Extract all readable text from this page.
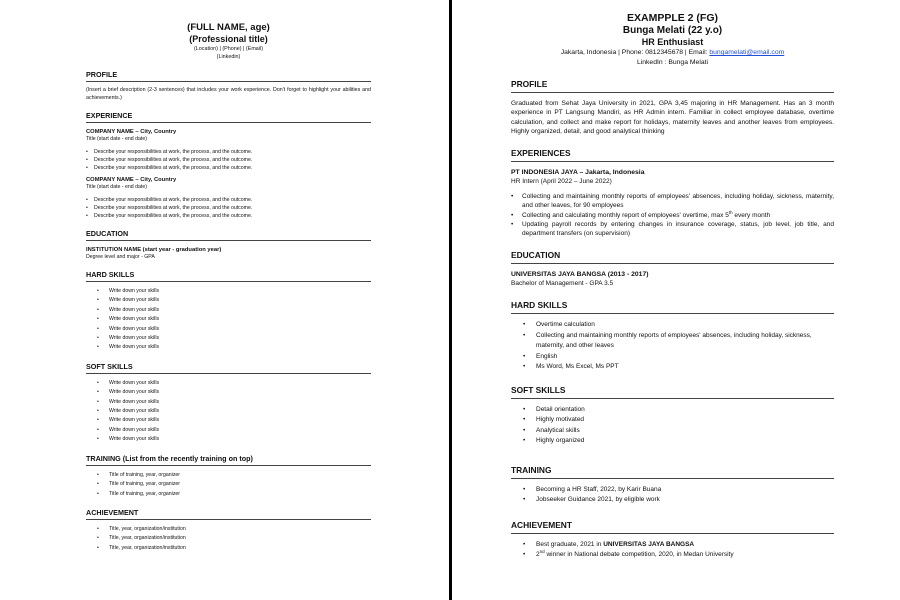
(FULL NAME, age)
(Professional title)
(Location) | (Phone) | (Email)
(Linkedin)
PROFILE
(Insert a brief description (2-3 sentences) that includes your work experience. Don't forget to highlight your abilities and achievements.)
EXPERIENCE
COMPANY NAME – City, Country
Title (start date - end date)
• Describe your responsibilities at work, the process, and the outcome.
• Describe your responsibilities at work, the process, and the outcome.
• Describe your responsibilities at work, the process, and the outcome.
COMPANY NAME – City, Country
Title (start date - end date)
• Describe your responsibilities at work, the process, and the outcome.
• Describe your responsibilities at work, the process, and the outcome.
• Describe your responsibilities at work, the process, and the outcome.
EDUCATION
INSTITUTION NAME (start year - graduation year)
Degree level and major - GPA
HARD SKILLS
• Write down your skills
• Write down your skills
• Write down your skills
• Write down your skills
• Write down your skills
• Write down your skills
• Write down your skills
SOFT SKILLS
• Write down your skills
• Write down your skills
• Write down your skills
• Write down your skills
• Write down your skills
• Write down your skills
• Write down your skills
TRAINING (List from the recently training on top)
• Title of training, year, organizer
• Title of training, year, organizer
• Title of training, year, organizer
ACHIEVEMENT
• Title, year, organization/institution
• Title, year, organization/institution
• Title, year, organization/institution
EXAMPPLE 2 (FG)
Bunga Melati (22 y.o)
HR Enthusiast
Jakarta, Indonesia | Phone: 0812345678 | Email: bungamelati@email.com
LinkedIn : Bunga Melati
PROFILE
Graduated from Sehat Jaya University in 2021, GPA 3,45 majoring in HR Management. Has an 3 month experience in PT Langsung Mandiri, as HR Admin intern. Familiar in collect employee database, overtime calculation, and collect and make report for holidays, maternity leaves and another leaves from employees. Highly organized, detail, and good analytical thinking
EXPERIENCES
PT INDONESIA JAYA – Jakarta, Indonesia
HR Intern (April 2022 – June 2022)
• Collecting and maintaining monthly reports of employees' absences, including holiday, sickness, maternity, and other leaves, for 90 employees
• Collecting and calculating monthly report of employees' overtime, max 5th every month
• Updating payroll records by entering changes in insurance coverage, status, job level, job title, and department transfers (on supervision)
EDUCATION
UNIVERSITAS JAYA BANGSA (2013 - 2017)
Bachelor of Management - GPA 3.5
HARD SKILLS
• Overtime calculation
• Collecting and maintaining monthly reports of employees' absences, including holiday, sickness, maternity, and other leaves
• English
• Ms Word, Ms Excel, Ms PPT
SOFT SKILLS
• Detail orientation
• Highly motivated
• Analytical skills
• Highly organized
TRAINING
• Becoming a HR Staff, 2022, by Karir Buana
• Jobseeker Guidance 2021, by eligible work
ACHIEVEMENT
• Best graduate, 2021 in UNIVERSITAS JAYA BANGSA
• 2nd winner in National debate competition, 2020, in Medan University
